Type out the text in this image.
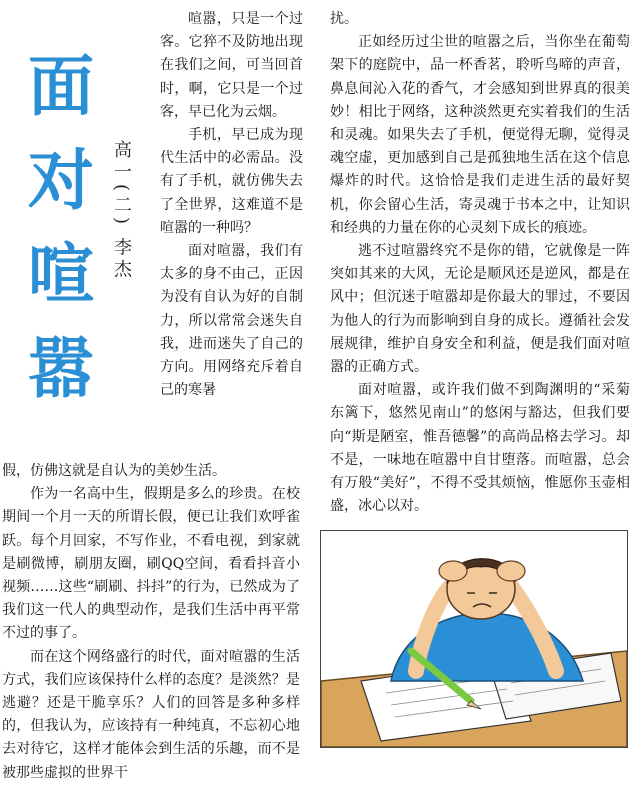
面
对
喧
嚣
高一(二) 李杰

喧嚣，只是一个过客。它猝不及防地出现在我们之间，可当回首时，啊，它只是一个过客，早已化为云烟。

手机，早已成为现代生活中的必需品。没有了手机，就仿佛失去了全世界，这难道不是喧嚣的一种吗？

面对喧嚣，我们有太多的身不由己，正因为没有自认为好的自制力，所以常常会迷失自我，进而迷失了自己的方向。用网络充斥着自己的寒暑

假，仿佛这就是自认为的美妙生活。

作为一名高中生，假期是多么的珍贵。在校期间一个月一天的所谓长假，便已让我们欢呼雀跃。每个月回家，不写作业，不看电视，到家就是刷微博，刷朋友圈，刷QQ空间，看看抖音小视频……这些“刷刷、抖抖”的行为，已然成为了我们这一代人的典型动作，是我们生活中再平常不过的事了。

而在这个网络盛行的时代，面对喧嚣的生活方式，我们应该保持什么样的态度？是淡然？是逃避？还是干脆享乐？人们的回答是多种多样的，但我认为，应该持有一种纯真，不忘初心地去对待它，这样才能体会到生活的乐趣，而不是被那些虚拟的世界干

扰。

正如经历过尘世的喧嚣之后，当你坐在葡萄架下的庭院中，品一杯香茗，聆听鸟啼的声音，鼻息间沁入花的香气，才会感知到世界真的很美妙！相比于网络，这种淡然更充实着我们的生活和灵魂。如果失去了手机，便觉得无聊，觉得灵魂空虚，更加感到自己是孤独地生活在这个信息爆炸的时代。这恰恰是我们走进生活的最好契机，你会留心生活，寄灵魂于书本之中，让知识和经典的力量在你的心灵刻下成长的痕迹。

逃不过喧嚣终究不是你的错，它就像是一阵突如其来的大风，无论是顺风还是逆风，都是在风中；但沉迷于喧嚣却是你最大的罪过，不要因为他人的行为而影响到自身的成长。遵循社会发展规律，维护自身安全和利益，便是我们面对喧嚣的正确方式。

面对喧嚣，或许我们做不到陶渊明的“采菊东篱下，悠然见南山”的悠闲与豁达，但我们要向“斯是陋室，惟吾德馨”的高尚品格去学习。却不是，一味地在喧嚣中自甘堕落。而喧嚣，总会有万般“美好”，不得不受其烦恼，惟愿你玉壶相盛，冰心以对。
